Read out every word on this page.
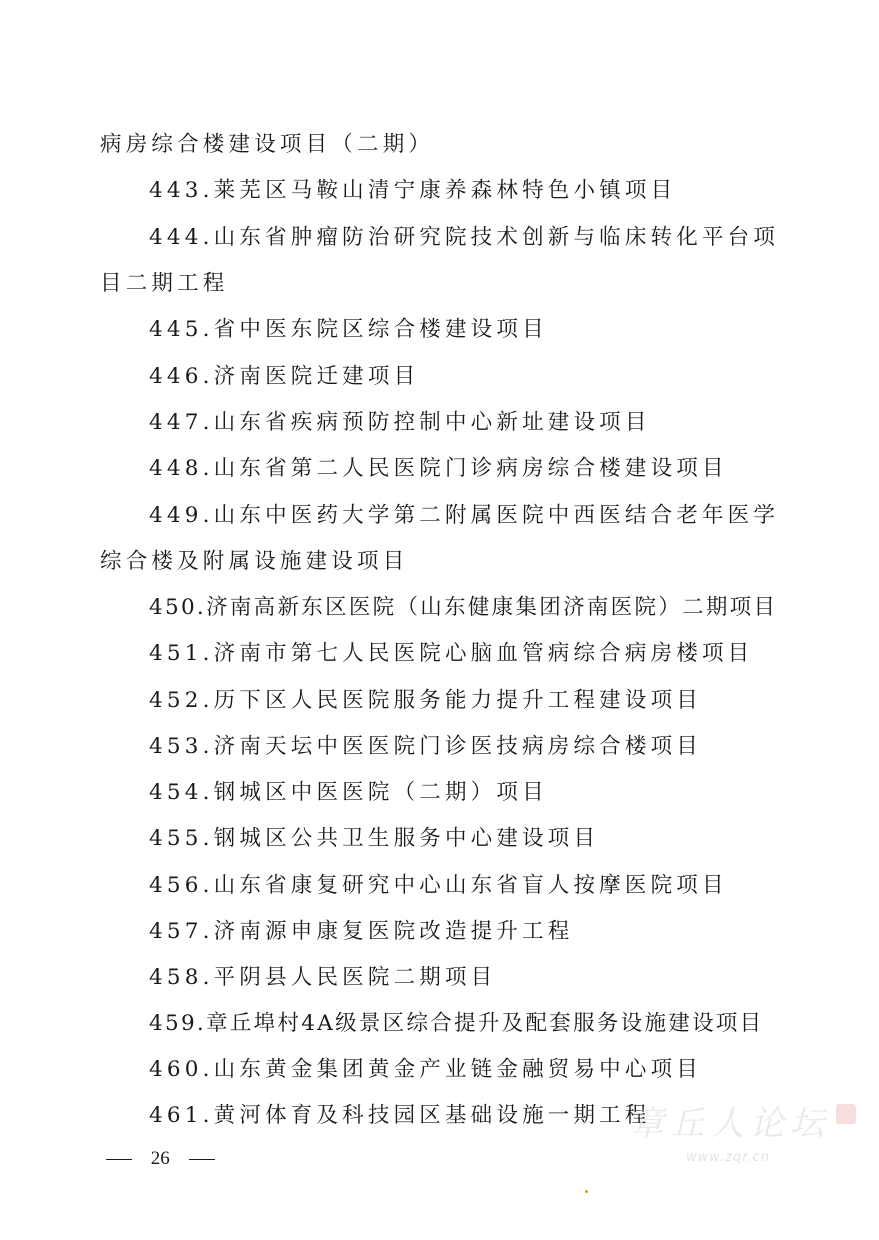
病房综合楼建设项目（二期）
443.莱芜区马鞍山清宁康养森林特色小镇项目
444.山东省肿瘤防治研究院技术创新与临床转化平台项
目二期工程
445.省中医东院区综合楼建设项目
446.济南医院迁建项目
447.山东省疾病预防控制中心新址建设项目
448.山东省第二人民医院门诊病房综合楼建设项目
449.山东中医药大学第二附属医院中西医结合老年医学
综合楼及附属设施建设项目
450.济南高新东区医院（山东健康集团济南医院）二期项目
451.济南市第七人民医院心脑血管病综合病房楼项目
452.历下区人民医院服务能力提升工程建设项目
453.济南天坛中医医院门诊医技病房综合楼项目
454.钢城区中医医院（二期）项目
455.钢城区公共卫生服务中心建设项目
456.山东省康复研究中心山东省盲人按摩医院项目
457.济南源申康复医院改造提升工程
458.平阴县人民医院二期项目
459.章丘埠村4A级景区综合提升及配套服务设施建设项目
460.山东黄金集团黄金产业链金融贸易中心项目
461.黄河体育及科技园区基础设施一期工程
26
章丘人论坛
www.zqr.cn
